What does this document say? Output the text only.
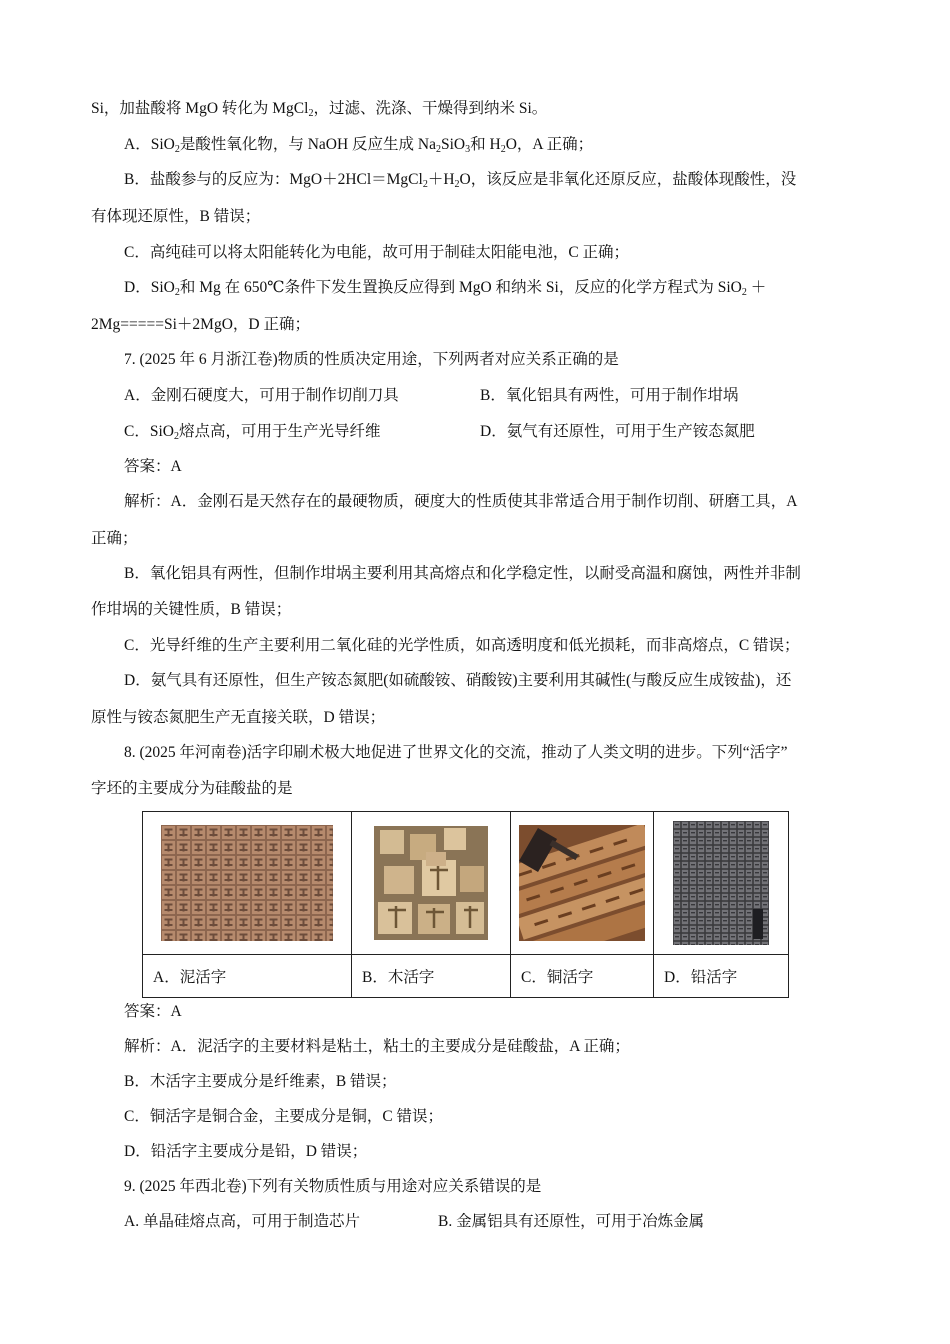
Si，加盐酸将 MgO 转化为 MgCl$_2$，过滤、洗涤、干燥得到纳米 Si。
A．SiO$_2$是酸性氧化物，与 NaOH 反应生成 $Na_2SiO_3$和 $H_2O$，A 正确；
B．盐酸参与的反应为：$MgO+2HCl=MgCl_2+H_2O$，该反应是非氧化还原反应，盐酸体现酸性，没
有体现还原性，B 错误；
C．高纯硅可以将太阳能转化为电能，故可用于制硅太阳能电池，C 正确；
D．SiO$_2$和 Mg 在 650℃条件下发生置换反应得到 MgO 和纳米 Si，反应的化学方程式为 SiO$_2$ ＋
2Mg=====Si＋2MgO，D 正确；
7. (2025 年 6 月浙江卷)物质的性质决定用途，下列两者对应关系正确的是
A．金刚石硬度大，可用于制作切削刀具	B．氧化铝具有两性，可用于制作坩埚
C．SiO$_2$熔点高，可用于生产光导纤维	D．氨气有还原性，可用于生产铵态氮肥
答案：A
解析：A．金刚石是天然存在的最硬物质，硬度大的性质使其非常适合用于制作切削、研磨工具，A
正确；
B．氧化铝具有两性，但制作坩埚主要利用其高熔点和化学稳定性，以耐受高温和腐蚀，两性并非制
作坩埚的关键性质，B 错误；
C．光导纤维的生产主要利用二氧化硅的光学性质，如高透明度和低光损耗，而非高熔点，C 错误；
D．氨气具有还原性，但生产铵态氮肥(如硫酸铵、硝酸铵)主要利用其碱性(与酸反应生成铵盐)，还
原性与铵态氮肥生产无直接关联，D 错误；
8. (2025 年河南卷)活字印刷术极大地促进了世界文化的交流，推动了人类文明的进步。下列“活字”
字坯的主要成分为硅酸盐的是

A．泥活字	B．木活字	C．铜活字	D．铅活字
答案：A
解析：A．泥活字的主要材料是粘土，粘土的主要成分是硅酸盐，A 正确；
B．木活字主要成分是纤维素，B 错误；
C．铜活字是铜合金，主要成分是铜，C 错误；
D．铅活字主要成分是铅，D 错误；
9. (2025 年西北卷)下列有关物质性质与用途对应关系错误的是
A. 单晶硅熔点高，可用于制造芯片	B. 金属铝具有还原性，可用于冶炼金属
